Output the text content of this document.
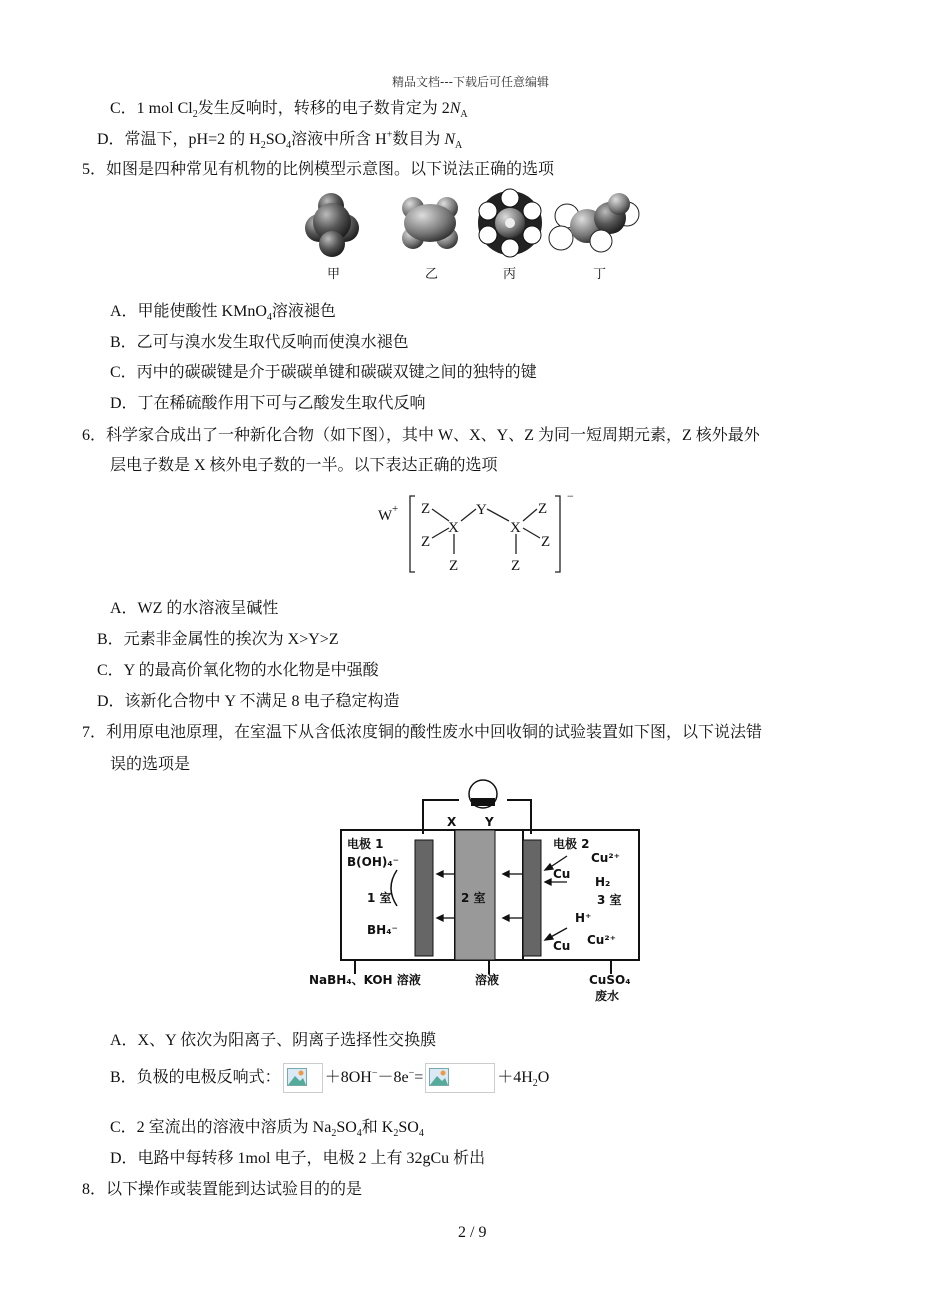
精品文档---下载后可任意编辑
C．1 mol $Cl_2$发生反响时，转移的电子数肯定为 $2N_A$
D．常温下，pH=2 的 $H_2SO_4$溶液中所含 H+数目为 $N_A$
5．如图是四种常见有机物的比例模型示意图。以下说法正确的选项
甲	乙	丙	丁
A．甲能使酸性 KMnO$_4$溶液褪色
B．乙可与溴水发生取代反响而使溴水褪色
C．丙中的碳碳键是介于碳碳单键和碳碳双键之间的独特的键
D．丁在稀硫酸作用下可与乙酸发生取代反响
6．科学家合成出了一种新化合物（如下图），其中 W、X、Y、Z 为同一短周期元素，Z 核外最外
层电子数是 X 核外电子数的一半。以下表达正确的选项
W +
−
Z
Z
X
Y
X
Z
Z
Z	Z
A．WZ 的水溶液呈碱性
B．元素非金属性的挨次为 X>Y>Z
C．Y 的最高价氧化物的水化物是中强酸
D．该新化合物中 Y 不满足 8 电子稳定构造
7．利用原电池原理，在室温下从含低浓度铜的酸性废水中回收铜的试验装置如下图，以下说法错
误的选项是
X Y
电极 1
B(OH)₄⁻
1 室
BH₄⁻
2 室
电极 2
Cu²⁺
Cu
H₂
3 室
H⁺
Cu Cu²⁺
NaBH₄、KOH 溶液	溶液	CuSO₄
废水
A．X、Y 依次为阳离子、阴离子选择性交换膜
B．负极的电极反响式：	＋8OH−－8e−=	$+4H_2O$
C．2 室流出的溶液中溶质为 $Na_2SO_4$和 $K_2SO_4$
D．电路中每转移 1mol 电子，电极 2 上有 32gCu 析出
8．以下操作或装置能到达试验目的的是
2 / 9
